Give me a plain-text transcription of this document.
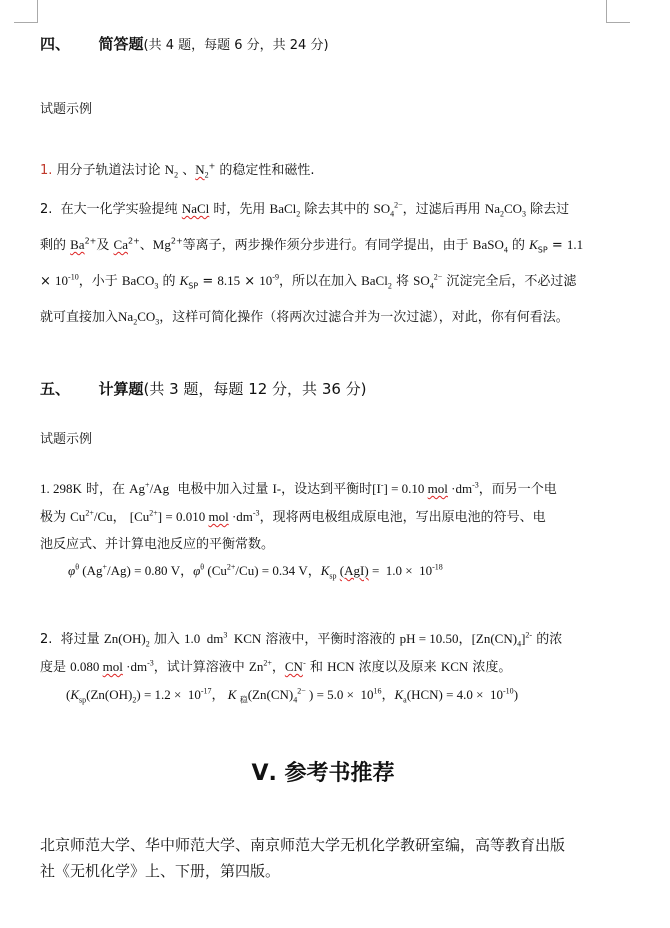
四、 简答题(共 4 题，每题 6 分，共 24 分)
试题示例
1. 用分子轨道法讨论 $N_2$ 、$N_2^+$ 的稳定性和磁性.
2.  在大一化学实验提纯 NaCl 时，先用 BaCl$_2$ 除去其中的 $SO_4^{2-}$，过滤后再用 $Na_2CO_3$ 除去过
剩的 $Ba^{2+}$及 $Ca^{2+}$、$Mg^{2+}$等离子，两步操作须分步进行。有同学提出，由于 BaSO$_4$ 的 $K_{SP} = 1.1$
× $10^{-10}$，小于 BaCO$_3$ 的 $K_{SP} = 8.15 \times 10^{-9}$，所以在加入 BaCl$_2$ 将 $SO_4^{2-}$ 沉淀完全后，不必过滤
就可直接加入$Na_2CO_3$，这样可简化操作（将两次过滤合并为一次过滤），对此，你有何看法。
五、 计算题(共 3 题，每题 12 分，共 36 分)
试题示例
1. 298K 时，在 Ag+/Ag  电极中加入过量 I-，设达到平衡时[I-] = 0.10 mol $\cdot dm^{-3}$，而另一个电
极为 $Cu^{2+}/Cu$， $[Cu^{2+}] = 0.010$ mol $\cdot dm^{-3}$，现将两电极组成原电池，写出原电池的符号、电
池反应式、并计算电池反应的平衡常数。
$\varphi^\theta$ (Ag+/Ag) = 0.80 V，$\varphi^\theta$ $(Cu^{2+}/Cu) = 0.34$ V，$K_{sp}$ $(AgI) = 1.0 \times 10^{-18}$
2.  将过量 $Zn(OH)_2$ 加入 1.0  $dm^3$  KCN 溶液中，平衡时溶液的 pH = 10.50，$[Zn(CN)_4]^{2-}$ 的浓
度是 0.080 mol $\cdot dm^{-3}$，试计算溶液中 $Zn^{2+}$，CN- 和 HCN 浓度以及原来 KCN 浓度。
($K_{sp}(Zn(OH)_2) = 1.2 \times 10^{-17}$， K $_稳(Zn(CN)_4^{2-}$ ) = $5.0 \times 10^{16}$，$K_a(HCN) = 4.0 \times 10^{-10}$)
Ⅴ. 参考书推荐
北京师范大学、华中师范大学、南京师范大学无机化学教研室编，高等教育出版
社《无机化学》上、下册，第四版。
